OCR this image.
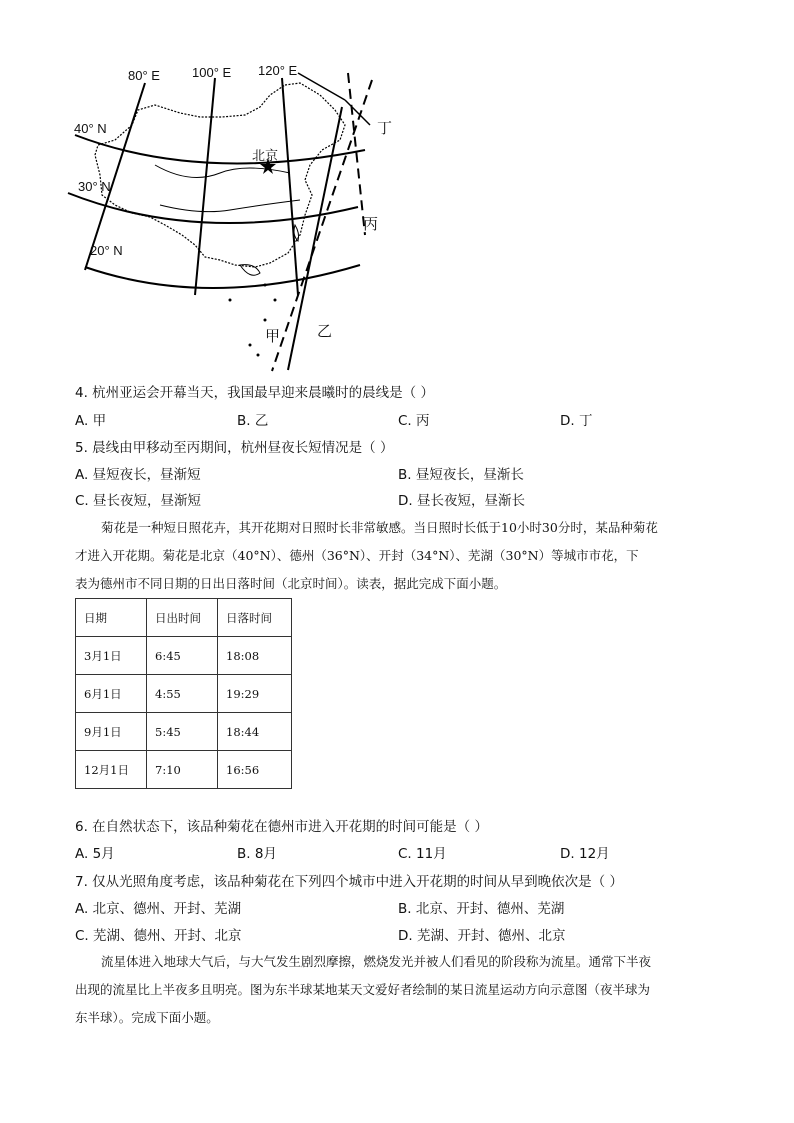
80° E 100° E 120° E
40° N
30° N
20° N
北京
甲 乙
丙
丁
4. 杭州亚运会开幕当天，我国最早迎来晨曦时的晨线是（ ）
A. 甲	B. 乙	C. 丙	D. 丁
5. 晨线由甲移动至丙期间，杭州昼夜长短情况是（ ）
A. 昼短夜长，昼渐短	B. 昼短夜长，昼渐长
C. 昼长夜短，昼渐短	D. 昼长夜短，昼渐长

菊花是一种短日照花卉，其开花期对日照时长非常敏感。当日照时长低于10小时30分时，某品种菊花

才进入开花期。菊花是北京（40°N）、德州（36°N）、开封（34°N）、芜湖（30°N）等城市市花，下

表为德州市不同日期的日出日落时间（北京时间）。读表，据此完成下面小题。

日期	日出时间	日落时间
3月1日	6:45	18:08
6月1日	4:55	19:29
9月1日	5:45	18:44
12月1日	7:10	16:56
6. 在自然状态下，该品种菊花在德州市进入开花期的时间可能是（ ）
A. 5月	B. 8月	C. 11月	D. 12月
7. 仅从光照角度考虑，该品种菊花在下列四个城市中进入开花期的时间从早到晚依次是（ ）
A. 北京、德州、开封、芜湖	B. 北京、开封、德州、芜湖
C. 芜湖、德州、开封、北京	D. 芜湖、开封、德州、北京

流星体进入地球大气后，与大气发生剧烈摩擦，燃烧发光并被人们看见的阶段称为流星。通常下半夜

出现的流星比上半夜多且明亮。图为东半球某地某天文爱好者绘制的某日流星运动方向示意图（夜半球为

东半球）。完成下面小题。
